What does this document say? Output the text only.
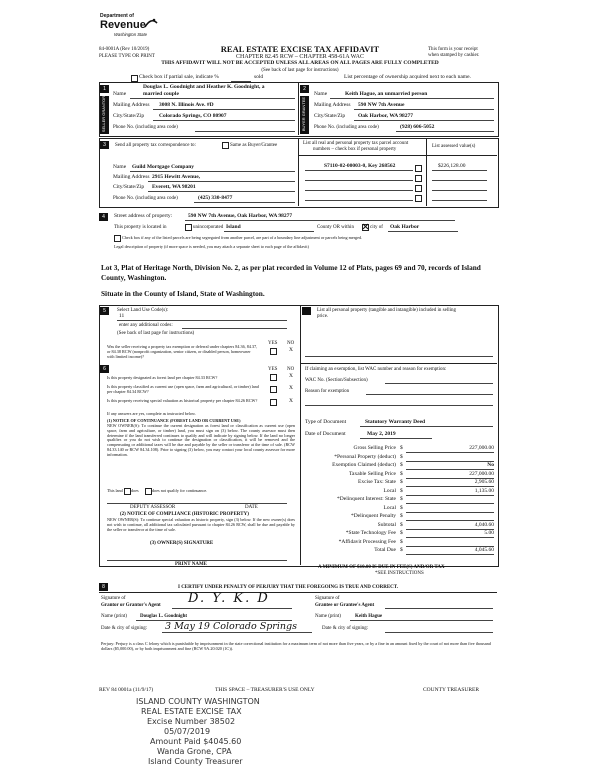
Department of
Revenue
Washington State
84-0001A (Rev 10/2019)
PLEASE TYPE OR PRINT
REAL ESTATE EXCISE TAX AFFIDAVIT
CHAPTER 82.45 RCW – CHAPTER 458-61A WAC
THIS AFFIDAVIT WILL NOT BE ACCEPTED UNLESS ALL AREAS ON ALL PAGES ARE FULLY COMPLETED
(See back of last page for instructions)
This form is your receipt
when stamped by cashier.
Check box if partial sale, indicate %	sold	List percentage of ownership acquired next to each name.
1
SELLER GRANTOR
Name
Douglas L. Goodnight and Heather K. Goodnight, a
married couple
Mailing Address 3008 N. Illinois Ave. #D
City/State/Zip	Colorado Springs, CO 80907
Phone No. (including area code)
2
BUYER GRANTEE
Name	Keith Hague, an unmarried person
Mailing Address 590 NW 7th Avenue
City/State/Zip Oak Harbor, WA 98277
Phone No. (including area code)	(928) 606-5052
3	Send all property tax correspondence to:	Same as Buyer/Grantee
Name Guild Mortgage Company
Mailing Address 2915 Hewitt Avenue,
City/State/Zip Everett, WA 98201
Phone No. (including area code)	(425) 330-8477
List all real and personal property tax parcel account
numbers – check box if personal property
List assessed value(s)
S7110-02-00003-0, Key 268562	$226,128.00
4	Street address of property:	590 NW 7th Avenue, Oak Harbor, WA 98277
This property is located in	unincorporated Island	County OR within	city of Oak Harbor
Check box if any of the listed parcels are being segregated from another parcel, are part of a boundary line adjustment or parcels being merged.
Legal description of property (if more space is needed, you may attach a separate sheet to each page of the affidavit)
Lot 3, Plat of Heritage North, Division No. 2, as per plat recorded in Volume 12 of Plats, pages 69 and 70, records of Island County, Washington.
Situate in the County of Island, State of Washington.
5	Select Land Use Code(s):
11
enter any additional codes:
(See back of last page for instructions)
YES NO
Was the seller receiving a property tax exemption or deferral under chapters 84.36, 84.37, or 84.38 RCW (nonprofit organization, senior citizen, or disabled person, homeowner with limited income)?
X
6	YES NO
Is this property designated as forest land per chapter 84.33 RCW?	X
Is this property classified as current use (open space, farm and agricultural, or timber) land per chapter 84.34 RCW?
X
Is this property receiving special valuation as historical property per chapter 84.26 RCW?	X
If any answers are yes, complete as instructed below.
(1) NOTICE OF CONTINUANCE (FOREST LAND OR CURRENT USE)
NEW OWNER(S): To continue the current designation as forest land or classification as current use (open space, farm and agriculture, or timber) land, you must sign on (3) below. The county assessor must then determine if the land transferred continues to qualify and will indicate by signing below. If the land no longer qualifies or you do not wish to continue the designation or classification, it will be removed and the compensating or additional taxes will be due and payable by the seller or transferor at the time of sale. (RCW 84.33.140 or RCW 84.34.108). Prior to signing (3) below, you may contact your local county assessor for more information.
This land does	does not qualify for continuance.
DEPUTY ASSESSOR	DATE
(2) NOTICE OF COMPLIANCE (HISTORIC PROPERTY)
NEW OWNER(S): To continue special valuation as historic property, sign (3) below. If the new owner(s) does not wish to continue, all additional tax calculated pursuant to chapter 84.26 RCW, shall be due and payable by the seller or transferor at the time of sale.
(3) OWNER(S) SIGNATURE
PRINT NAME
List all personal property (tangible and intangible) included in selling
price.
If claiming an exemption, list WAC number and reason for exemption:
WAC No. (Section/Subsection)
Reason for exemption
Type of Document	Statutory Warranty Deed
Date of Document	May 2, 2019
Gross Selling Price $	227,000.00
*Personal Property (deduct) $
Exemption Claimed (deduct) $	No
Taxable Selling Price $	227,000.00
Excise Tax: State $	2,905.60
Local $	1,135.00
*Delinquent Interest: State $
Local $
*Delinquent Penalty $
Subtotal $	4,040.60
*State Technology Fee $	5.00
*Affidavit Processing Fee $
Total Due $	4,045.60
A MINIMUM OF $10.00 IS DUE IN FEE(S) AND/OR TAX
*SEE INSTRUCTIONS
8	I CERTIFY UNDER PENALTY OF PERJURY THAT THE FOREGOING IS TRUE AND CORRECT.
Signature of
Grantor or Grantor's Agent D. Y. K. D	Signature of
Grantee or Grantee's Agent
Name (print)	Douglas L. Goodnight	Name (print)	Keith Hague
Date & city of signing: 3 May 19 Colorado Springs	Date & city of signing:
Perjury: Perjury is a class C felony which is punishable by imprisonment in the state correctional institution for a maximum term of not more than five years, or by a fine in an amount fixed by the court of not more than five thousand dollars ($5,000.00), or by both imprisonment and fine (RCW 9A.20.020 (1C)).
REV 84 0001a (11/9/17)	THIS SPACE – TREASURER'S USE ONLY	COUNTY TREASURER
ISLAND COUNTY WASHINGTON
REAL ESTATE EXCISE TAX
Excise Number 38502
05/07/2019
Amount Paid $4045.60
Wanda Grone, CPA
Island County Treasurer
